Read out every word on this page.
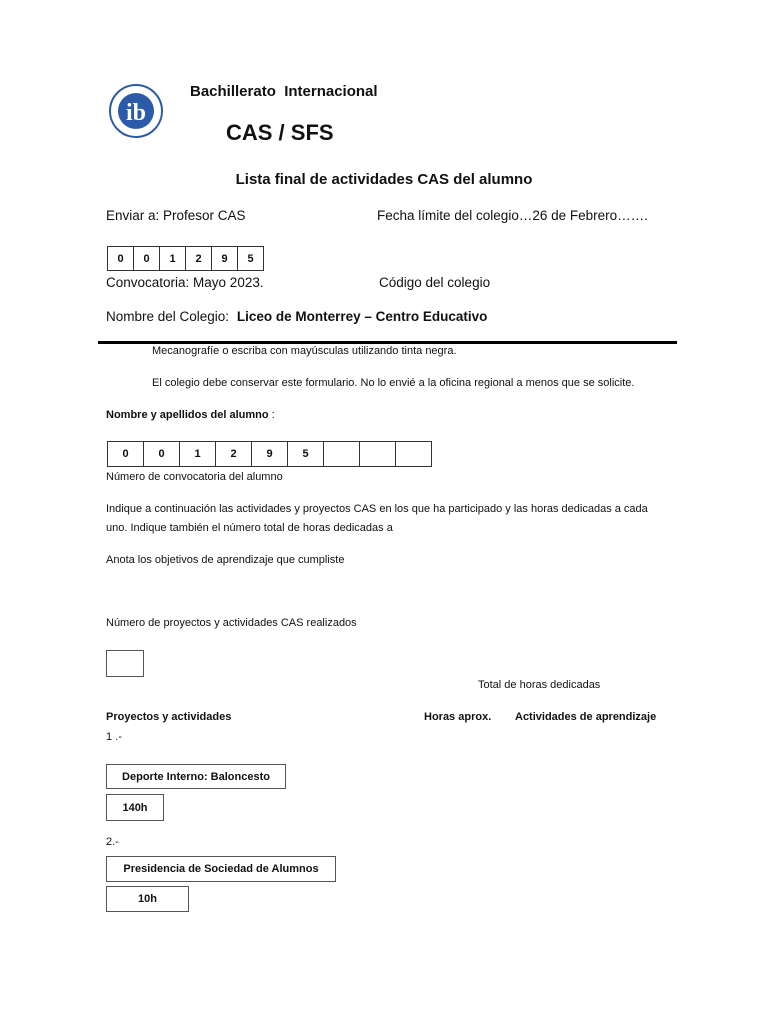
ib
Bachillerato  Internacional
CAS / SFS
Lista final de actividades CAS del alumno
Enviar a: Profesor CAS	Fecha límite del colegio…26 de Febrero…….
0	0	1	2	9	5
Convocatoria: Mayo 2023.	Código del colegio
Nombre del Colegio: Liceo de Monterrey – Centro Educativo
Mecanografíe o escriba con mayúsculas utilizando tinta negra.
El colegio debe conservar este formulario. No lo envié a la oficina regional a menos que se solicite.
Nombre y apellidos del alumno :
0	0	1	2	9	5			
Número de convocatoria del alumno
Indique a continuación las actividades y proyectos CAS en los que ha participado y las horas dedicadas a cada
uno. Indique también el número total de horas dedicadas a
Anota los objetivos de aprendizaje que cumpliste
Número de proyectos y actividades CAS realizados
Total de horas dedicadas
Proyectos y actividades	Horas aprox. Actividades de aprendizaje
1 .-
Deporte Interno: Baloncesto
140h
2.-
Presidencia de Sociedad de Alumnos
10h
